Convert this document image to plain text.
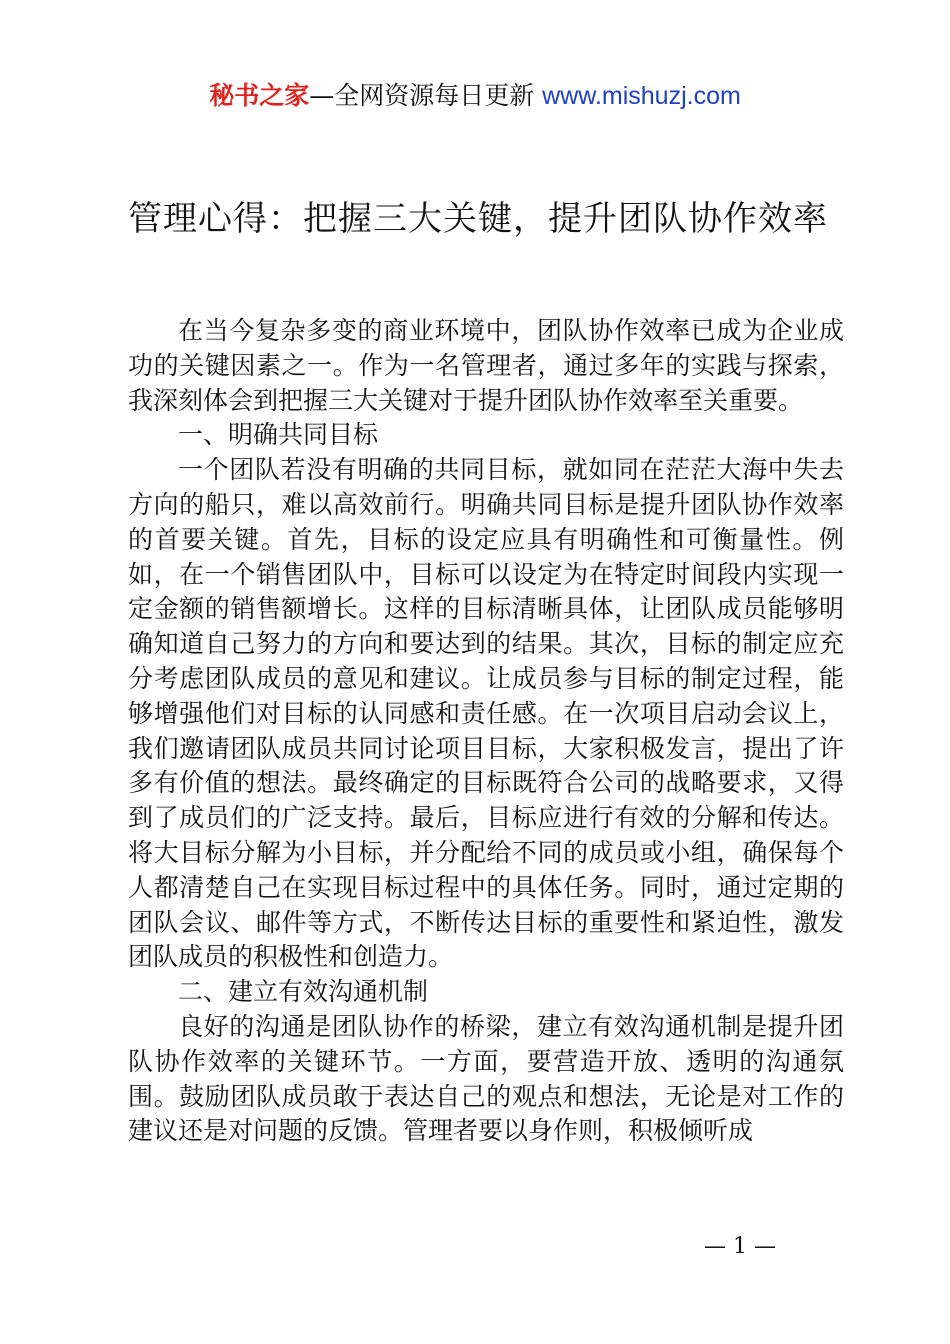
秘书之家—全网资源每日更新 www.mishuzj.com
管理心得：把握三大关键，提升团队协作效率

在当今复杂多变的商业环境中，团队协作效率已成为企业成功的关键因素之一。作为一名管理者，通过多年的实践与探索，我深刻体会到把握三大关键对于提升团队协作效率至关重要。

一、明确共同目标

一个团队若没有明确的共同目标，就如同在茫茫大海中失去方向的船只，难以高效前行。明确共同目标是提升团队协作效率的首要关键。首先，目标的设定应具有明确性和可衡量性。例如，在一个销售团队中，目标可以设定为在特定时间段内实现一定金额的销售额增长。这样的目标清晰具体，让团队成员能够明确知道自己努力的方向和要达到的结果。其次，目标的制定应充分考虑团队成员的意见和建议。让成员参与目标的制定过程，能够增强他们对目标的认同感和责任感。在一次项目启动会议上，我们邀请团队成员共同讨论项目目标，大家积极发言，提出了许多有价值的想法。最终确定的目标既符合公司的战略要求，又得到了成员们的广泛支持。最后，目标应进行有效的分解和传达。将大目标分解为小目标，并分配给不同的成员或小组，确保每个人都清楚自己在实现目标过程中的具体任务。同时，通过定期的团队会议、邮件等方式，不断传达目标的重要性和紧迫性，激发团队成员的积极性和创造力。

二、建立有效沟通机制

良好的沟通是团队协作的桥梁，建立有效沟通机制是提升团队协作效率的关键环节。一方面，要营造开放、透明的沟通氛围。鼓励团队成员敢于表达自己的观点和想法，无论是对工作的建议还是对问题的反馈。管理者要以身作则，积极倾听成

— 1 —
